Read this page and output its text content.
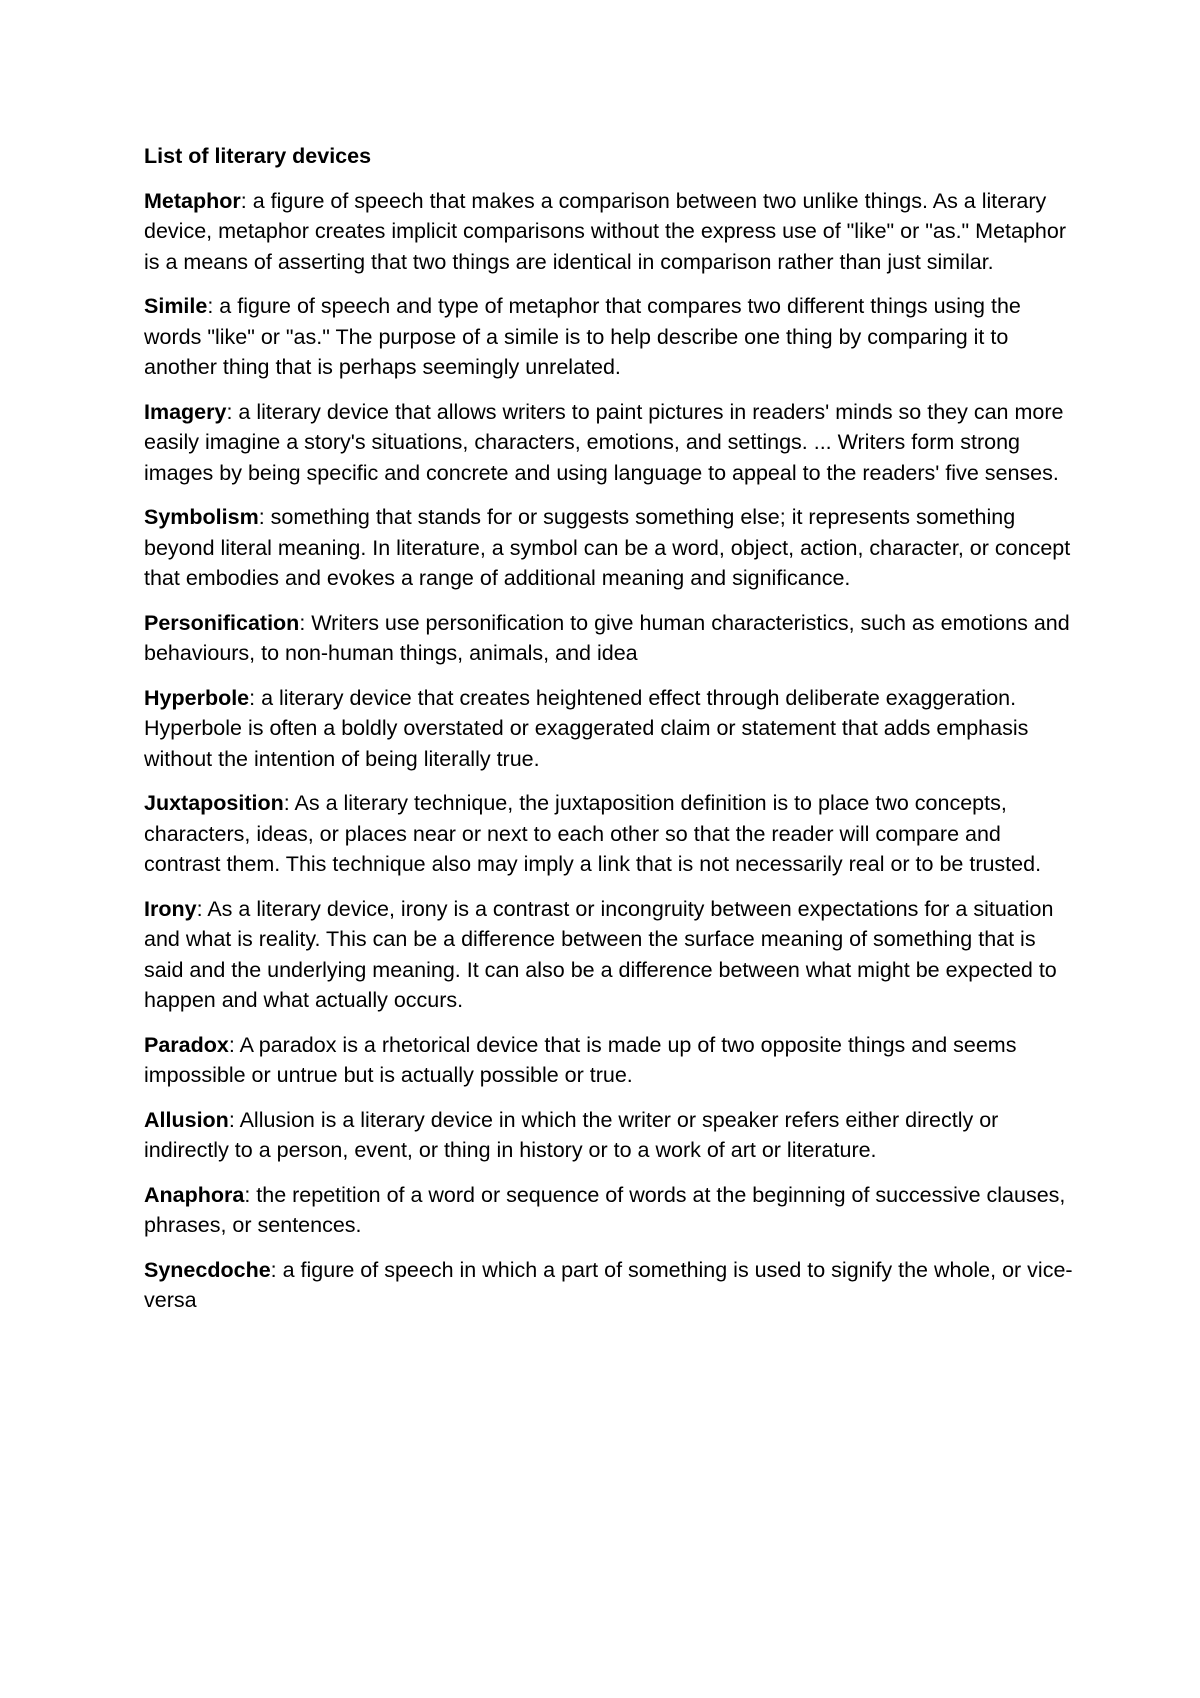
List of literary devices

Metaphor: a figure of speech that makes a comparison between two unlike things. As a literary device, metaphor creates implicit comparisons without the express use of "like" or "as." Metaphor is a means of asserting that two things are identical in comparison rather than just similar.

Simile: a figure of speech and type of metaphor that compares two different things using the words "like" or "as." The purpose of a simile is to help describe one thing by comparing it to another thing that is perhaps seemingly unrelated.

Imagery: a literary device that allows writers to paint pictures in readers' minds so they can more easily imagine a story's situations, characters, emotions, and settings. ... Writers form strong images by being specific and concrete and using language to appeal to the readers' five senses.

Symbolism: something that stands for or suggests something else; it represents something beyond literal meaning. In literature, a symbol can be a word, object, action, character, or concept that embodies and evokes a range of additional meaning and significance.

Personification: Writers use personification to give human characteristics, such as emotions and behaviours, to non-human things, animals, and idea

Hyperbole: a literary device that creates heightened effect through deliberate exaggeration. Hyperbole is often a boldly overstated or exaggerated claim or statement that adds emphasis without the intention of being literally true.

Juxtaposition: As a literary technique, the juxtaposition definition is to place two concepts, characters, ideas, or places near or next to each other so that the reader will compare and contrast them. This technique also may imply a link that is not necessarily real or to be trusted.

Irony: As a literary device, irony is a contrast or incongruity between expectations for a situation and what is reality. This can be a difference between the surface meaning of something that is said and the underlying meaning. It can also be a difference between what might be expected to happen and what actually occurs.

Paradox: A paradox is a rhetorical device that is made up of two opposite things and seems impossible or untrue but is actually possible or true.

Allusion: Allusion is a literary device in which the writer or speaker refers either directly or indirectly to a person, event, or thing in history or to a work of art or literature.

Anaphora: the repetition of a word or sequence of words at the beginning of successive clauses, phrases, or sentences.

Synecdoche: a figure of speech in which a part of something is used to signify the whole, or vice-versa
